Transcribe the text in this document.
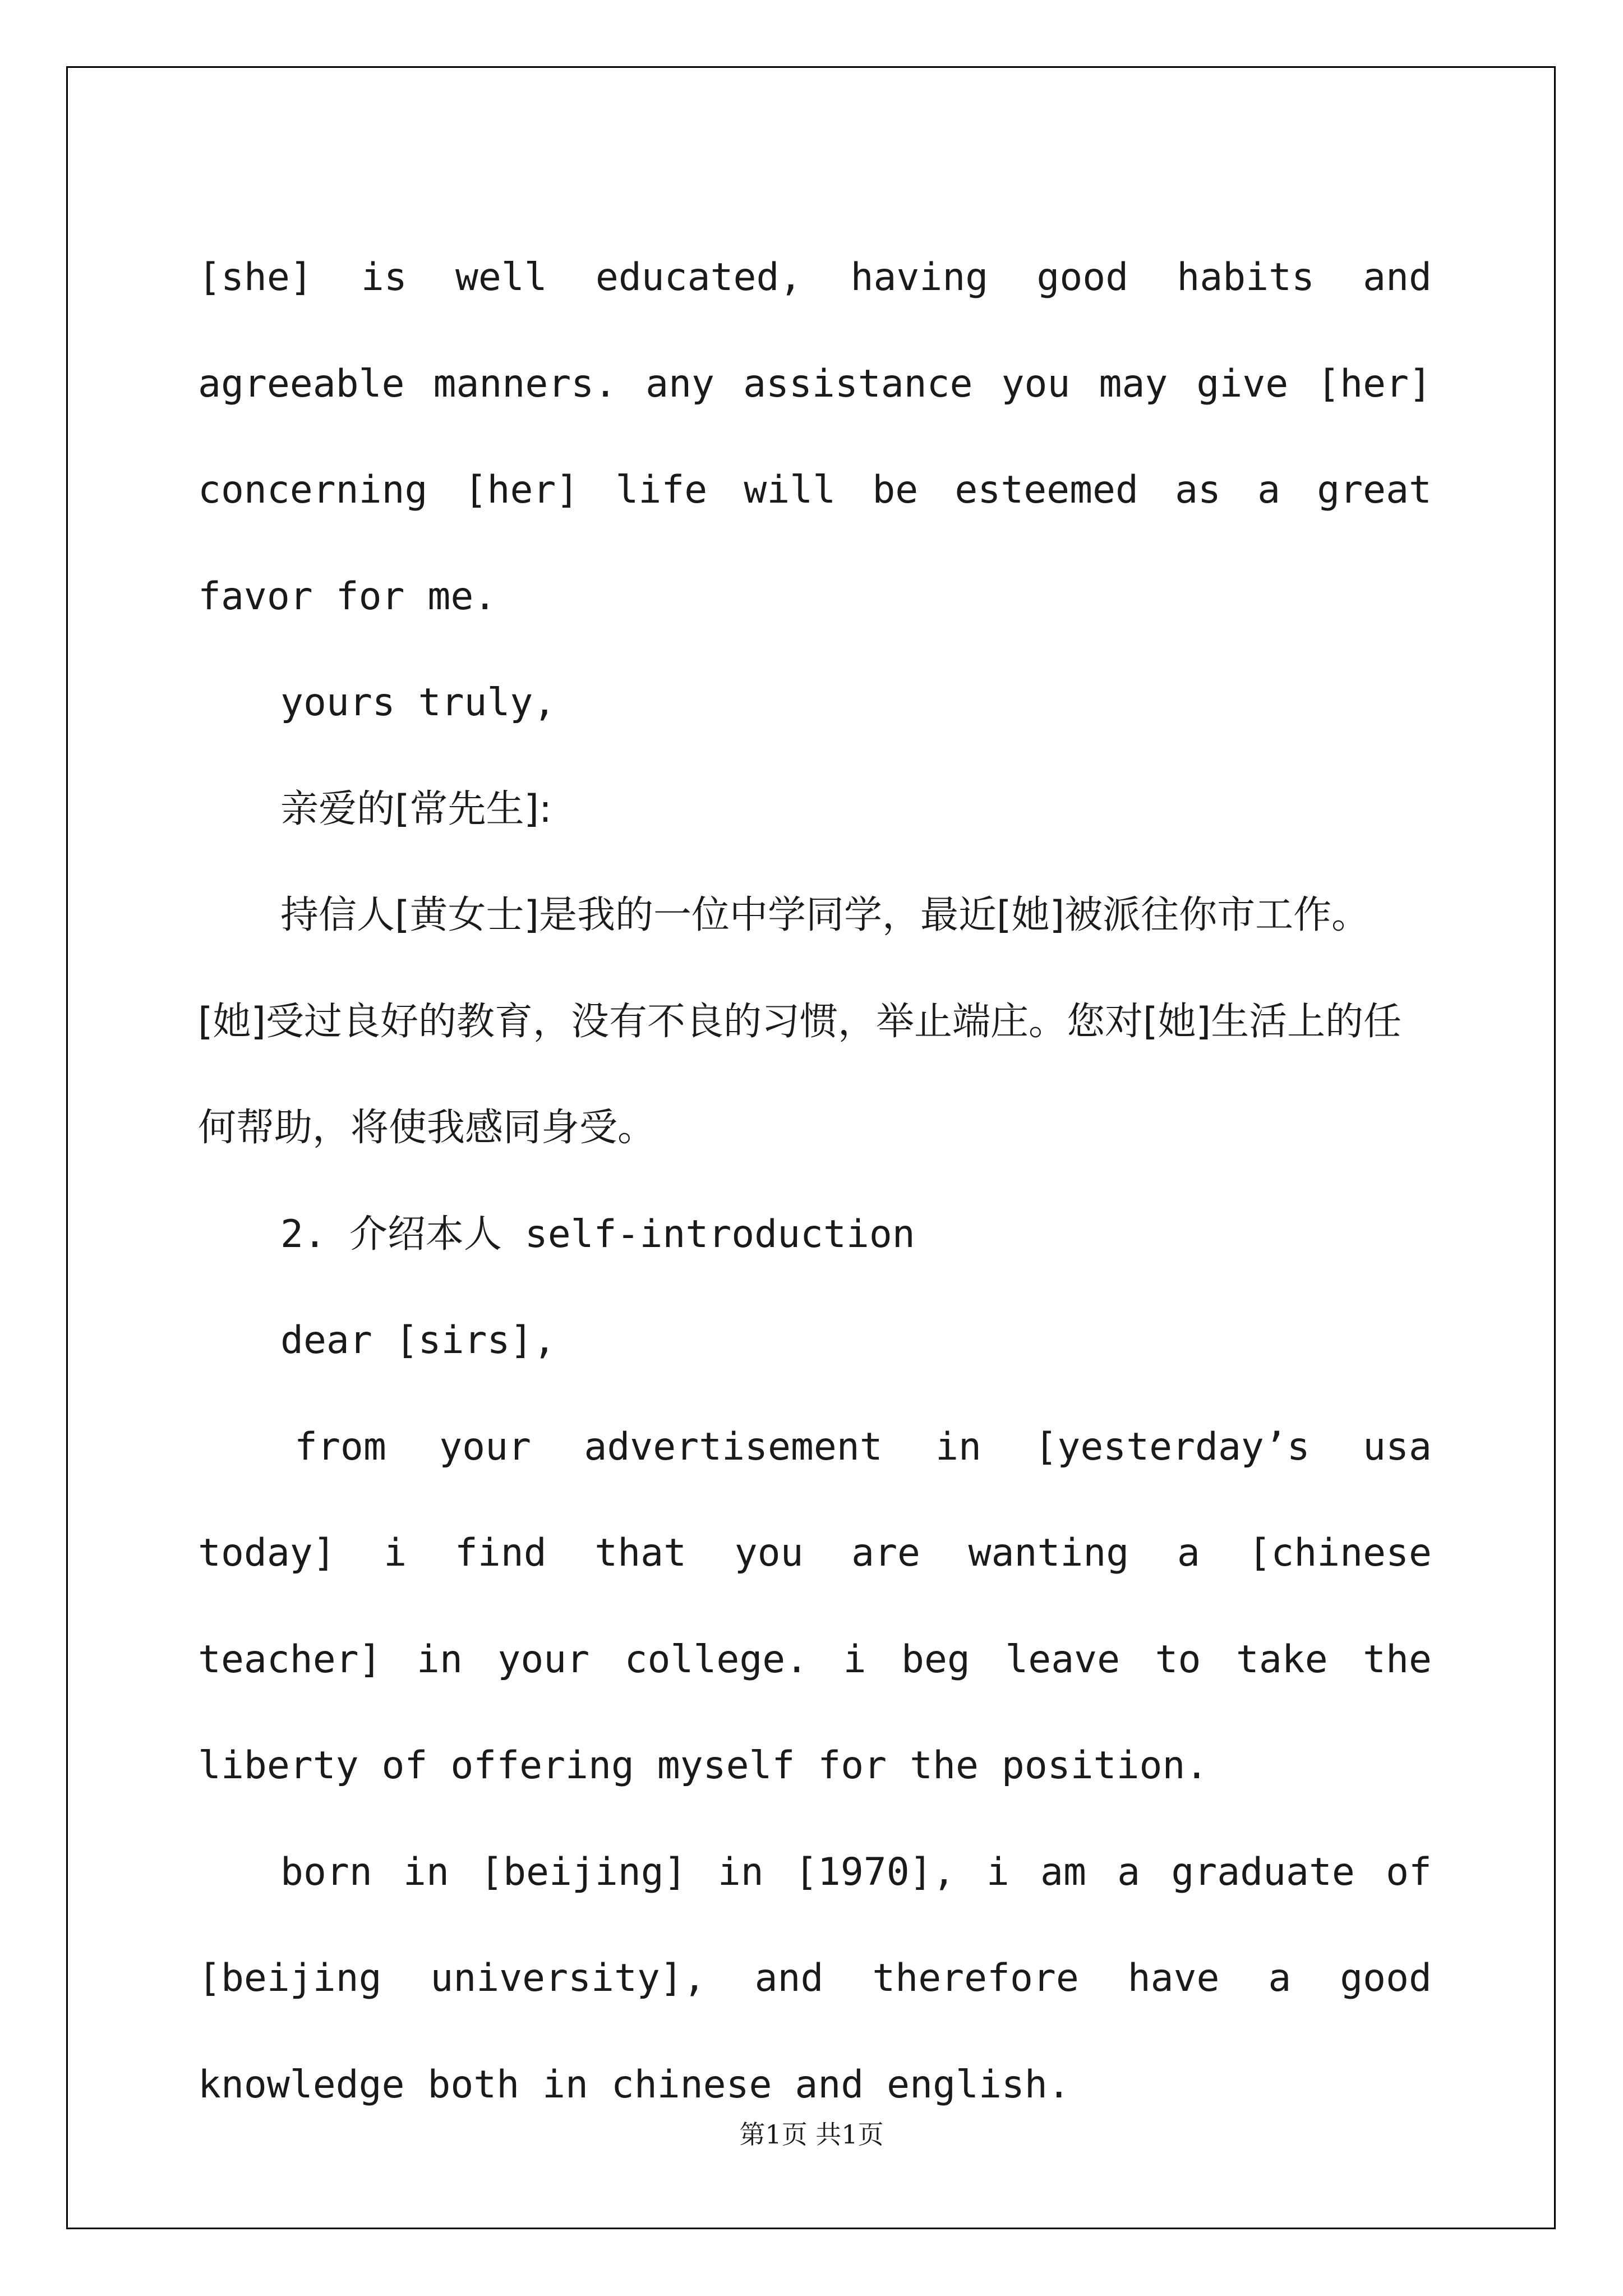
[she] is well educated, having good habits and agreeable manners. any assistance you may give [her] concerning [her] life will be esteemed as a great favor for me.

yours truly,

亲爱的[常先生]:

持信人[黄女士]是我的一位中学同学，最近[她]被派往你市工作。[她]受过良好的教育，没有不良的习惯，举止端庄。您对[她]生活上的任何帮助，将使我感同身受。

2. 介绍本人 self-introduction

dear [sirs],

from your advertisement in [yesterday’s usa today] i find that you are wanting a [chinese teacher] in your college. i beg leave to take the liberty of offering myself for the position.

born in [beijing] in [1970], i am a graduate of [beijing university], and therefore have a good knowledge both in chinese and english.

第1页 共1页
